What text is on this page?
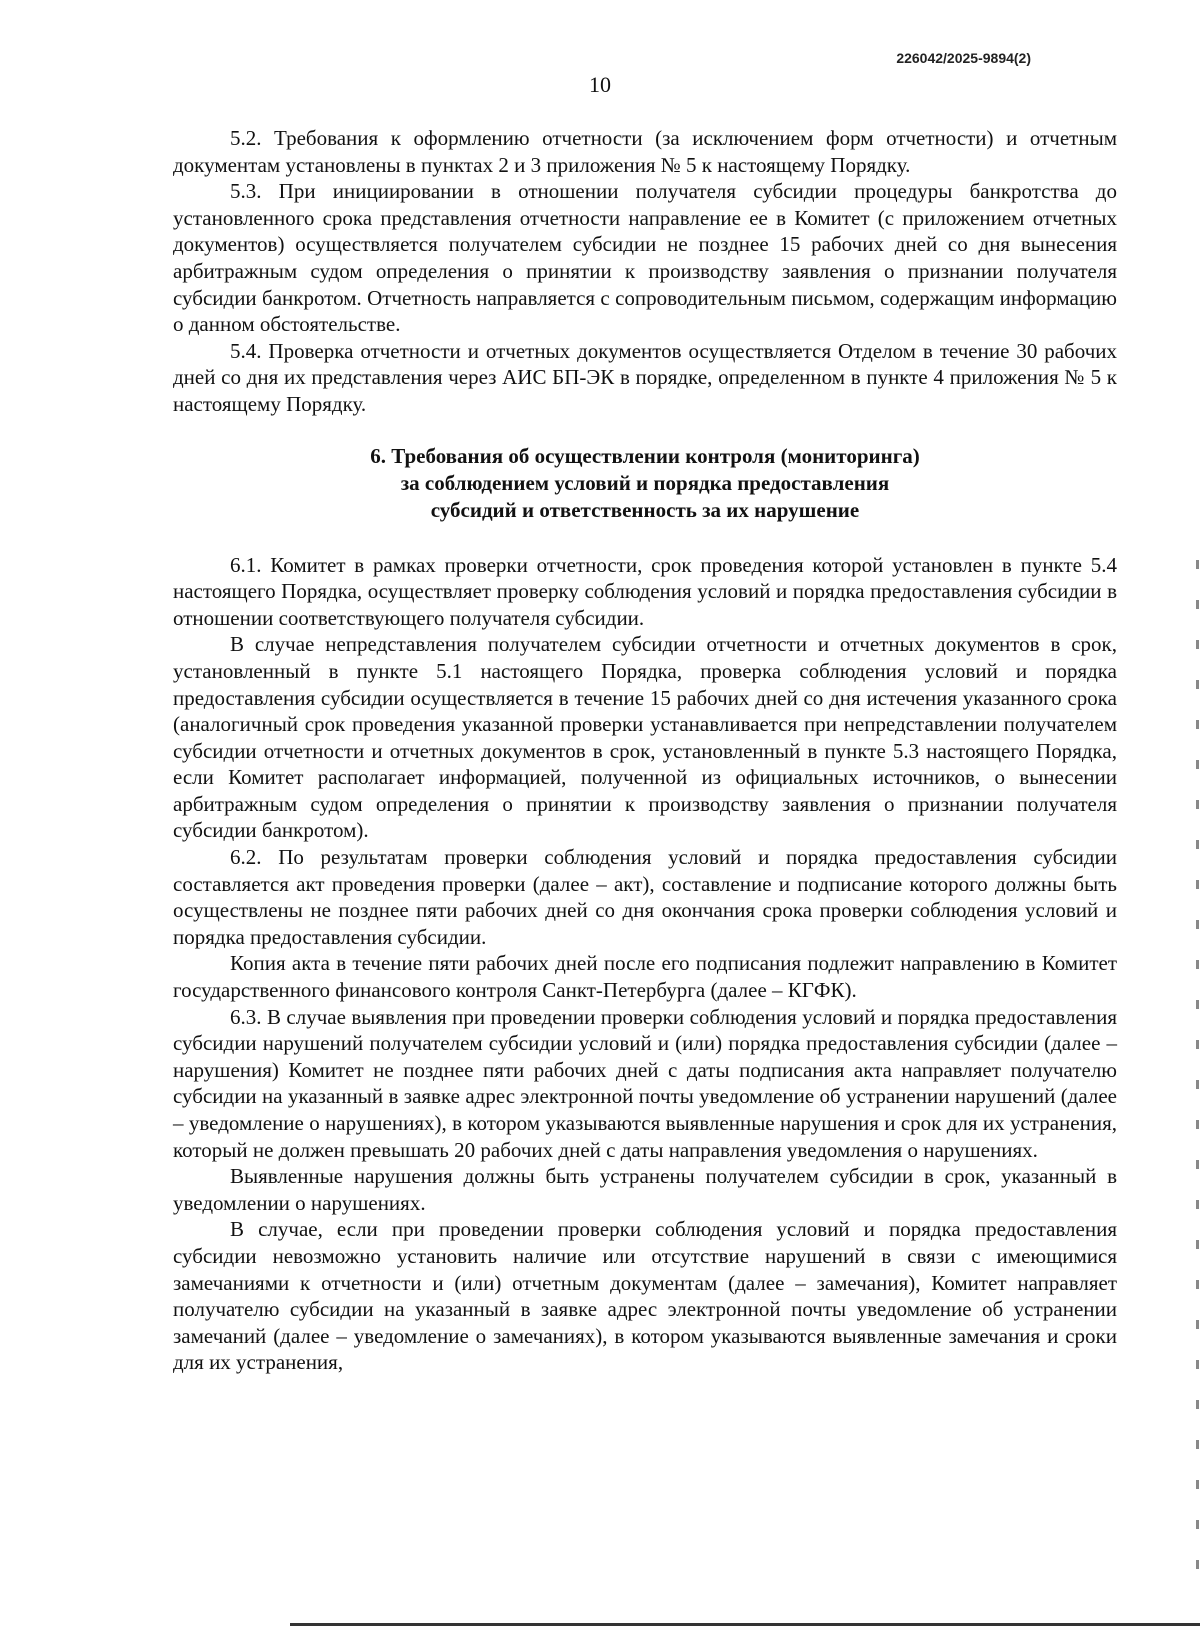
226042/2025-9894(2)
10

5.2. Требования к оформлению отчетности (за исключением форм отчетности) и отчетным документам установлены в пунктах 2 и 3 приложения № 5 к настоящему Порядку.

5.3. При инициировании в отношении получателя субсидии процедуры банкротства до установленного срока представления отчетности направление ее в Комитет (с приложением отчетных документов) осуществляется получателем субсидии не позднее 15 рабочих дней со дня вынесения арбитражным судом определения о принятии к производству заявления о признании получателя субсидии банкротом. Отчетность направляется с сопроводительным письмом, содержащим информацию о данном обстоятельстве.

5.4. Проверка отчетности и отчетных документов осуществляется Отделом в течение 30 рабочих дней со дня их представления через АИС БП-ЭК в порядке, определенном в пункте 4 приложения № 5 к настоящему Порядку.

6. Требования об осуществлении контроля (мониторинга)
за соблюдением условий и порядка предоставления
субсидий и ответственность за их нарушение

6.1. Комитет в рамках проверки отчетности, срок проведения которой установлен в пункте 5.4 настоящего Порядка, осуществляет проверку соблюдения условий и порядка предоставления субсидии в отношении соответствующего получателя субсидии.

В случае непредставления получателем субсидии отчетности и отчетных документов в срок, установленный в пункте 5.1 настоящего Порядка, проверка соблюдения условий и порядка предоставления субсидии осуществляется в течение 15 рабочих дней со дня истечения указанного срока (аналогичный срок проведения указанной проверки устанавливается при непредставлении получателем субсидии отчетности и отчетных документов в срок, установленный в пункте 5.3 настоящего Порядка, если Комитет располагает информацией, полученной из официальных источников, о вынесении арбитражным судом определения о принятии к производству заявления о признании получателя субсидии банкротом).

6.2. По результатам проверки соблюдения условий и порядка предоставления субсидии составляется акт проведения проверки (далее – акт), составление и подписание которого должны быть осуществлены не позднее пяти рабочих дней со дня окончания срока проверки соблюдения условий и порядка предоставления субсидии.

Копия акта в течение пяти рабочих дней после его подписания подлежит направлению в Комитет государственного финансового контроля Санкт-Петербурга (далее – КГФК).

6.3. В случае выявления при проведении проверки соблюдения условий и порядка предоставления субсидии нарушений получателем субсидии условий и (или) порядка предоставления субсидии (далее – нарушения) Комитет не позднее пяти рабочих дней с даты подписания акта направляет получателю субсидии на указанный в заявке адрес электронной почты уведомление об устранении нарушений (далее – уведомление о нарушениях), в котором указываются выявленные нарушения и срок для их устранения, который не должен превышать 20 рабочих дней с даты направления уведомления о нарушениях.

Выявленные нарушения должны быть устранены получателем субсидии в срок, указанный в уведомлении о нарушениях.

В случае, если при проведении проверки соблюдения условий и порядка предоставления субсидии невозможно установить наличие или отсутствие нарушений в связи с имеющимися замечаниями к отчетности и (или) отчетным документам (далее – замечания), Комитет направляет получателю субсидии на указанный в заявке адрес электронной почты уведомление об устранении замечаний (далее – уведомление о замечаниях), в котором указываются выявленные замечания и сроки для их устранения,
